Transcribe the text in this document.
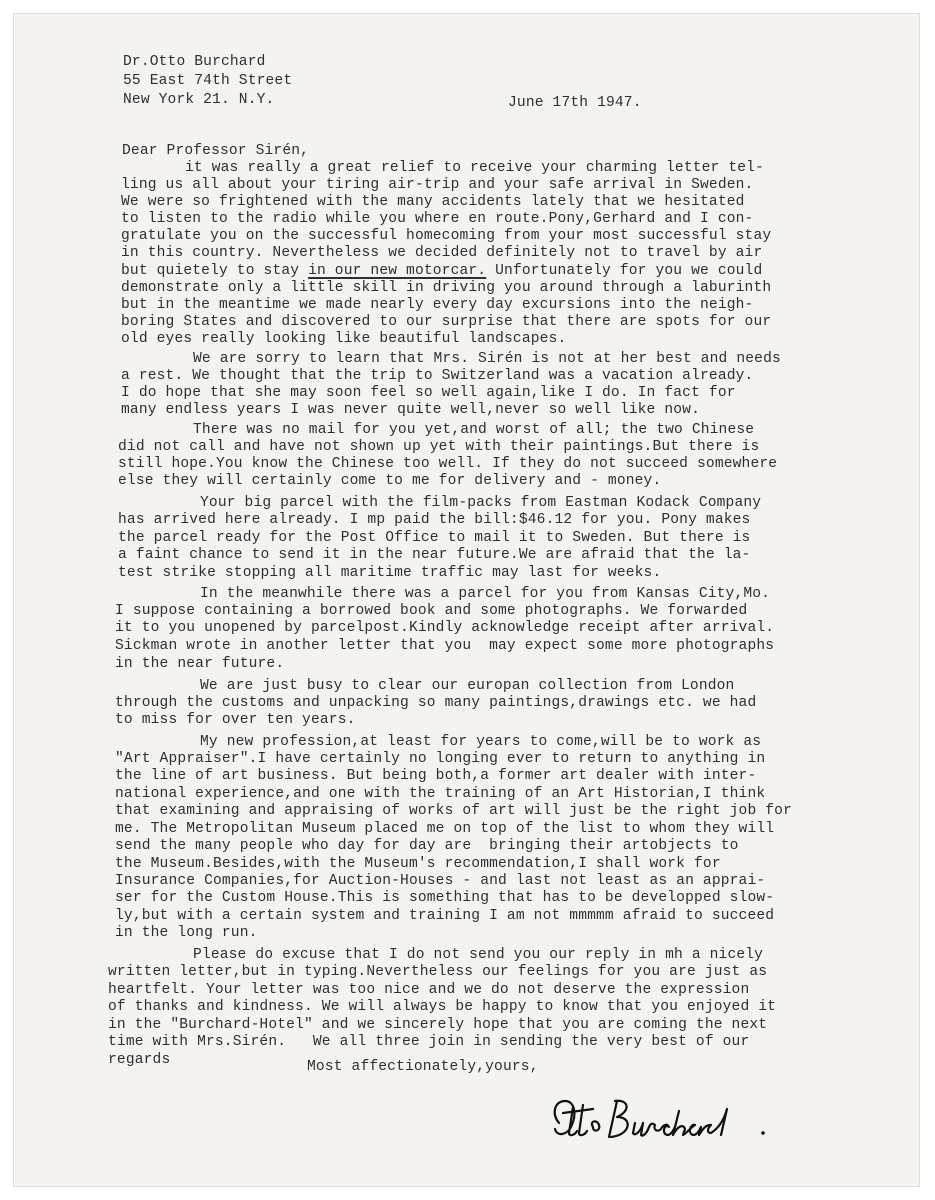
Dr.Otto Burchard
55 East 74th Street
New York 21. N.Y.	June 17th 1947.
Dear Professor Sirén,
it was really a great relief to receive your charming letter tel-
ling us all about your tiring air-trip and your safe arrival in Sweden.
We were so frightened with the many accidents lately that we hesitated
to listen to the radio while you where en route.Pony,Gerhard and I con-
gratulate you on the successful homecoming from your most successful stay
in this country. Nevertheless we decided definitely not to travel by air
but quietely to stay in our new motorcar. Unfortunately for you we could
demonstrate only a little skill in driving you around through a laburinth
but in the meantime we made nearly every day excursions into the neigh-
boring States and discovered to our surprise that there are spots for our
old eyes really looking like beautiful landscapes.
We are sorry to learn that Mrs. Sirén is not at her best and needs
a rest. We thought that the trip to Switzerland was a vacation already.
I do hope that she may soon feel so well again,like I do. In fact for
many endless years I was never quite well,never so well like now.
There was no mail for you yet,and worst of all; the two Chinese
did not call and have not shown up yet with their paintings.But there is
still hope.You know the Chinese too well. If they do not succeed somewhere
else they will certainly come to me for delivery and - money.
Your big parcel with the film-packs from Eastman Kodack Company
has arrived here already. I mp paid the bill:$46.12 for you. Pony makes
the parcel ready for the Post Office to mail it to Sweden. But there is
a faint chance to send it in the near future.We are afraid that the la-
test strike stopping all maritime traffic may last for weeks.
In the meanwhile there was a parcel for you from Kansas City,Mo.
I suppose containing a borrowed book and some photographs. We forwarded
it to you unopened by parcelpost.Kindly acknowledge receipt after arrival.
Sickman wrote in another letter that you  may expect some more photographs
in the near future.
We are just busy to clear our europan collection from London
through the customs and unpacking so many paintings,drawings etc. we had
to miss for over ten years.
My new profession,at least for years to come,will be to work as
"Art Appraiser".I have certainly no longing ever to return to anything in
the line of art business. But being both,a former art dealer with inter-
national experience,and one with the training of an Art Historian,I think
that examining and appraising of works of art will just be the right job for
me. The Metropolitan Museum placed me on top of the list to whom they will
send the many people who day for day are  bringing their artobjects to
the Museum.Besides,with the Museum's recommendation,I shall work for
Insurance Companies,for Auction-Houses - and last not least as an apprai-
ser for the Custom House.This is something that has to be developped slow-
ly,but with a certain system and training I am not mmmmm afraid to succeed
in the long run.
Please do excuse that I do not send you our reply in mh a nicely
written letter,but in typing.Nevertheless our feelings for you are just as
heartfelt. Your letter was too nice and we do not deserve the expression
of thanks and kindness. We will always be happy to know that you enjoyed it
in the "Burchard-Hotel" and we sincerely hope that you are coming the next
time with Mrs.Sirén.   We all three join in sending the very best of our
regards	Most affectionately,yours,
